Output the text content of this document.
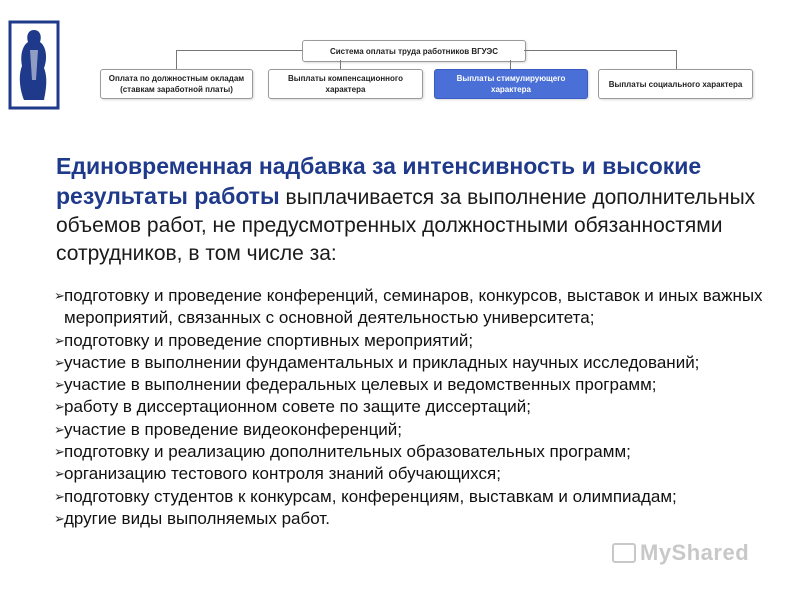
Система оплаты труда работников ВГУЭС
Оплата по должностным окладам
(ставкам заработной платы)
Выплаты компенсационного
характера
Выплаты стимулирующего характера
Выплаты социального характера
Единовременная надбавка за интенсивность и высокие результаты работы выплачивается за выполнение дополнительных объемов работ, не предусмотренных должностными обязанностями сотрудников, в том числе за:
➢ подготовку и проведение конференций, семинаров, конкурсов, выставок и иных важных мероприятий, связанных с основной деятельностью университета;
➢ подготовку и проведение спортивных мероприятий;
➢ участие в выполнении фундаментальных и прикладных научных исследований;
➢ участие в выполнении федеральных целевых и ведомственных программ;
➢ работу в диссертационном совете по защите диссертаций;
➢ участие в проведение видеоконференций;
➢ подготовку и реализацию дополнительных образовательных программ;
➢ организацию тестового контроля знаний обучающихся;
➢ подготовку студентов к конкурсам, конференциям, выставкам и олимпиадам;
➢ другие виды выполняемых работ.
MyShared
